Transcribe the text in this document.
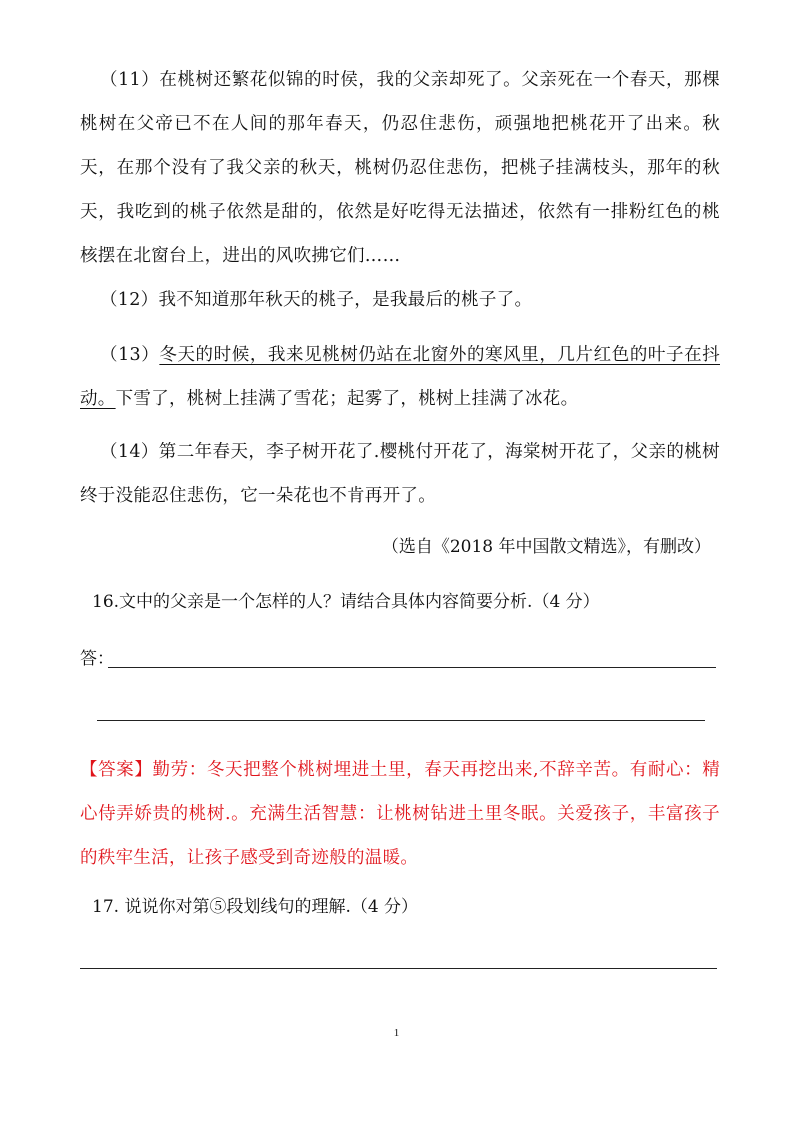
（11）在桃树还繁花似锦的时侯，我的父亲却死了。父亲死在一个春天，那棵桃树在父帝已不在人间的那年春天，仍忍住悲伤，顽强地把桃花开了出来。秋天，在那个没有了我父亲的秋天，桃树仍忍住悲伤，把桃子挂满枝头，那年的秋天，我吃到的桃子依然是甜的，依然是好吃得无法描述，依然有一排粉红色的桃核摆在北窗台上，进出的风吹拂它们……

（12）我不知道那年秋天的桃子，是我最后的桃子了。

（13）冬天的时候，我来见桃树仍站在北窗外的寒风里，几片红色的叶子在抖动。下雪了，桃树上挂满了雪花；起雾了，桃树上挂满了冰花。

（14）第二年春天，李子树开花了.樱桃付开花了，海棠树开花了，父亲的桃树终于没能忍住悲伤，它一朵花也不肯再开了。

（选自《2018 年中国散文精选》，有删改）
16.文中的父亲是一个怎样的人？请结合具体内容简要分析.（4 分）
答：

【答案】勤劳：冬天把整个桃树埋进土里，春天再挖出来,不辞辛苦。有耐心：精心侍弄娇贵的桃树.。充满生活智慧：让桃树钻进土里冬眠。关爱孩子，丰富孩子的秩牢生活，让孩子感受到奇迹般的温暖。

17. 说说你对第⑤段划线句的理解.（4 分）
1
